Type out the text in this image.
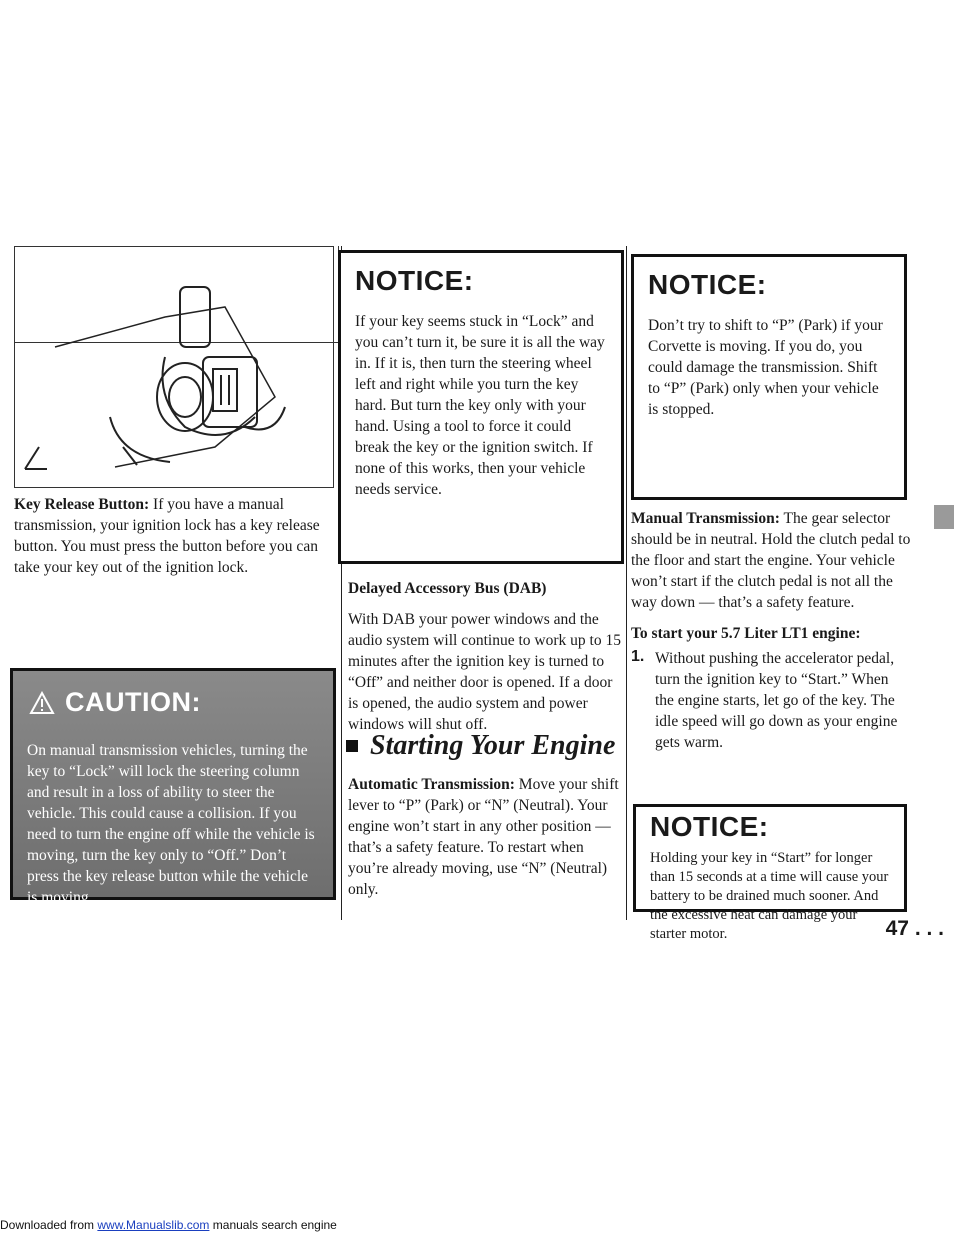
Key Release Button: If you have a manual transmission, your ignition lock has a key release button. You must press the button before you can take your key out of the ignition lock.

CAUTION:

On manual transmission vehicles, turning the key to “Lock” will lock the steering column and result in a loss of ability to steer the vehicle. This could cause a collision. If you need to turn the engine off while the vehicle is moving, turn the key only to “Off.” Don’t press the key release button while the vehicle is moving.

NOTICE:

If your key seems stuck in “Lock” and you can’t turn it, be sure it is all the way in. If it is, then turn the steering wheel left and right while you turn the key hard. But turn the key only with your hand. Using a tool to force it could break the key or the ignition switch. If none of this works, then your vehicle needs service.

Delayed Accessory Bus (DAB)

With DAB your power windows and the audio system will continue to work up to 15 minutes after the ignition key is turned to “Off” and neither door is opened. If a door is opened, the audio system and power windows will shut off.

Starting Your Engine

Automatic Transmission: Move your shift lever to “P” (Park) or “N” (Neutral). Your engine won’t start in any other position — that’s a safety feature. To restart when you’re already moving, use “N” (Neutral) only.

NOTICE:

Don’t try to shift to “P” (Park) if your Corvette is moving. If you do, you could damage the transmission. Shift to “P” (Park) only when your vehicle is stopped.

Manual Transmission: The gear selector should be in neutral. Hold the clutch pedal to the floor and start the engine. Your vehicle won’t start if the clutch pedal is not all the way down — that’s a safety feature.

To start your 5.7 Liter LT1 engine:

1. Without pushing the accelerator pedal, turn the ignition key to “Start.” When the engine starts, let go of the key. The idle speed will go down as your engine gets warm.

NOTICE:

Holding your key in “Start” for longer than 15 seconds at a time will cause your battery to be drained much sooner. And the excessive heat can damage your starter motor.	47 . . .
Downloaded from www.Manualslib.com manuals search engine
